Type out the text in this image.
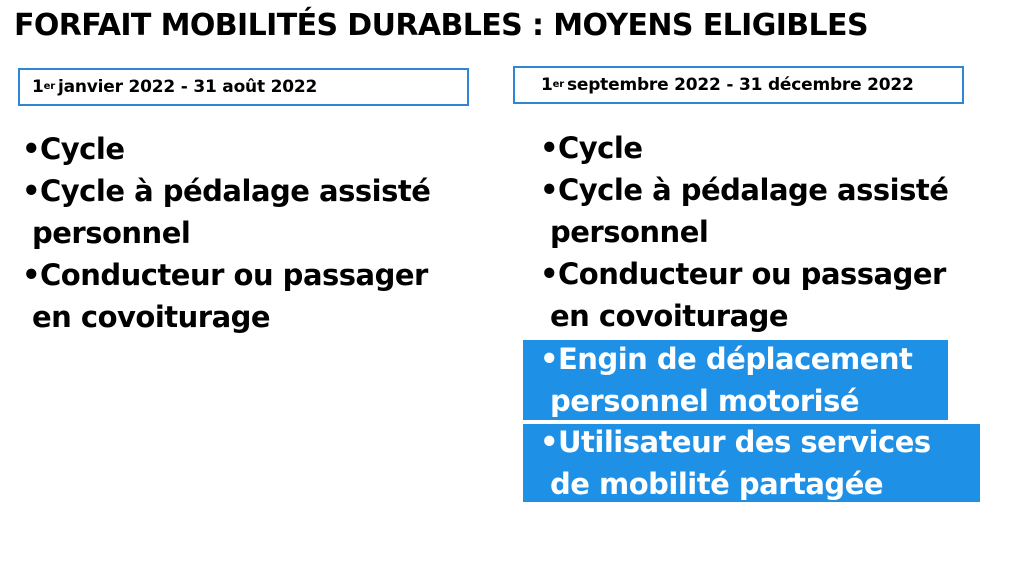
FORFAIT MOBILITÉS DURABLES : MOYENS ELIGIBLES
1 er janvier 2022 - 31 août 2022	1 er septembre 2022 - 31 décembre 2022
•Cycle
•Cycle à pédalage assisté
personnel
•Conducteur ou passager
en covoiturage
•Cycle
•Cycle à pédalage assisté
personnel
•Conducteur ou passager
en covoiturage
•Engin de déplacement
personnel motorisé
•Utilisateur des services
de mobilité partagée
